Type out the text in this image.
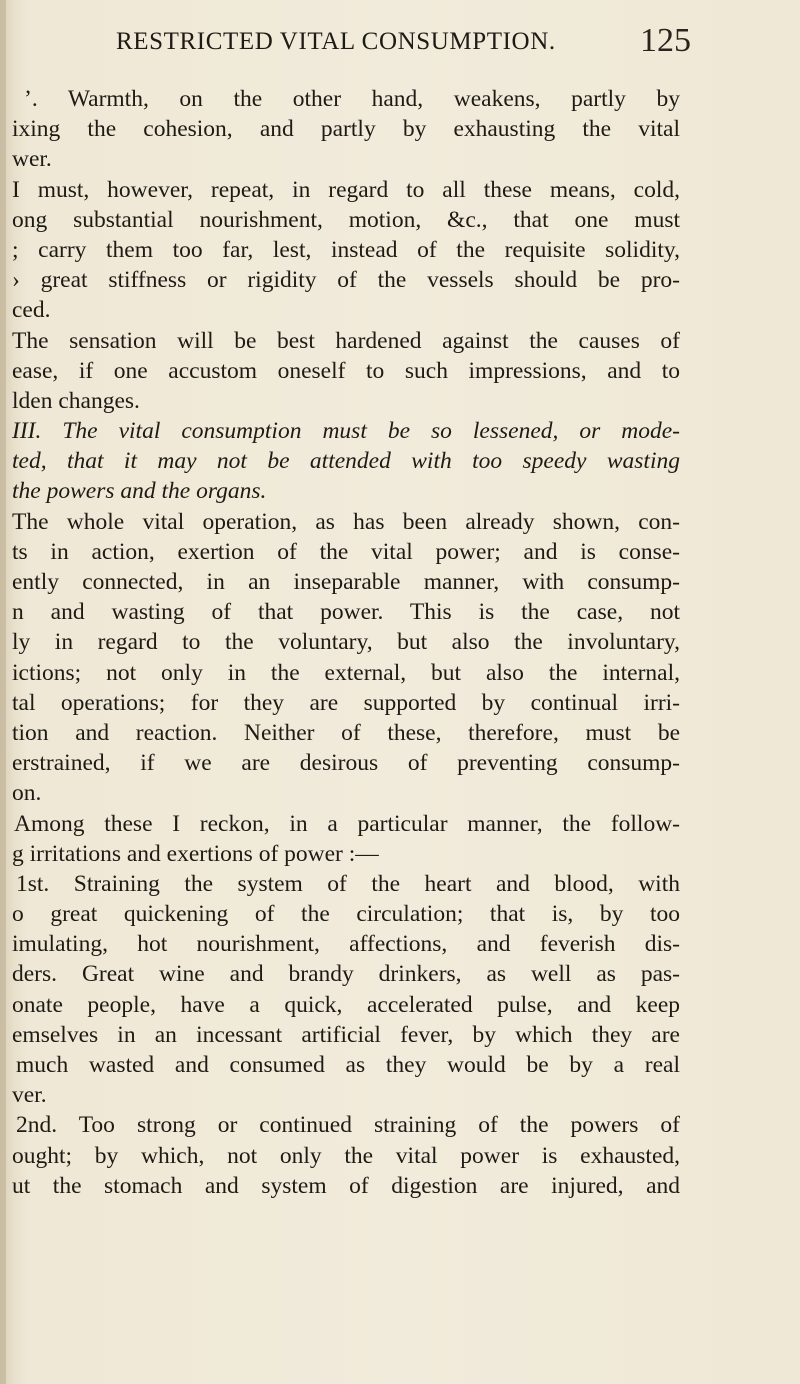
RESTRICTED VITAL CONSUMPTION. 125
’. Warmth, on the other hand, weakens, partly by
ixing the cohesion, and partly by exhausting the vital
wer.
I must, however, repeat, in regard to all these means, cold,
ong substantial nourishment, motion, &c., that one must
; carry them too far, lest, instead of the requisite solidity,
› great stiffness or rigidity of the vessels should be pro-
ced.
The sensation will be best hardened against the causes of
ease, if one accustom oneself to such impressions, and to
lden changes.
III. The vital consumption must be so lessened, or mode-
ted, that it may not be attended with too speedy wasting
the powers and the organs.
The whole vital operation, as has been already shown, con-
ts in action, exertion of the vital power; and is conse-
ently connected, in an inseparable manner, with consump-
n and wasting of that power. This is the case, not
ly in regard to the voluntary, but also the involuntary,
ictions; not only in the external, but also the internal,
tal operations; for they are supported by continual irri-
tion and reaction. Neither of these, therefore, must be
erstrained, if we are desirous of preventing consump-
on.
Among these I reckon, in a particular manner, the follow-
g irritations and exertions of power :—
1st. Straining the system of the heart and blood, with
o great quickening of the circulation; that is, by too
imulating, hot nourishment, affections, and feverish dis-
ders. Great wine and brandy drinkers, as well as pas-
onate people, have a quick, accelerated pulse, and keep
emselves in an incessant artificial fever, by which they are
much wasted and consumed as they would be by a real
ver.
2nd. Too strong or continued straining of the powers of
ought; by which, not only the vital power is exhausted,
ut the stomach and system of digestion are injured, and
